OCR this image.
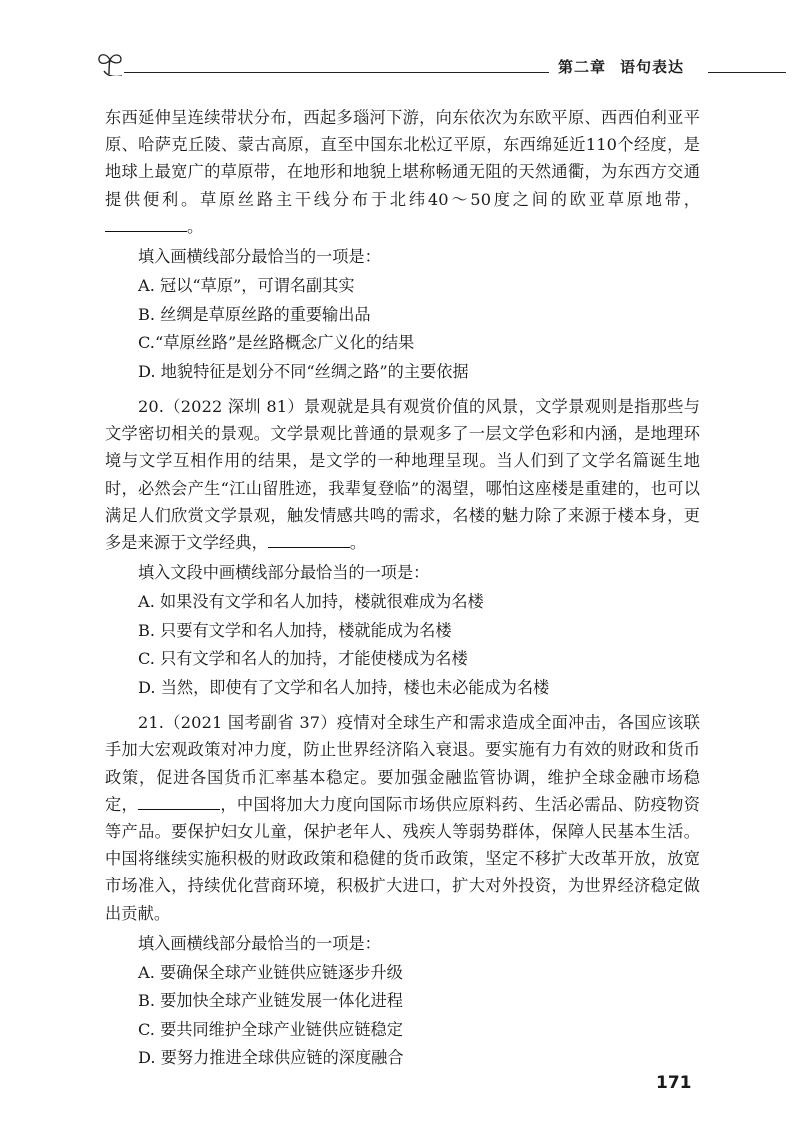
第二章 语句表达

东西延伸呈连续带状分布，西起多瑙河下游，向东依次为东欧平原、西西伯利亚平原、哈萨克丘陵、蒙古高原，直至中国东北松辽平原，东西绵延近110个经度，是地球上最宽广的草原带，在地形和地貌上堪称畅通无阻的天然通衢，为东西方交通提供便利。草原丝路主干线分布于北纬40～50度之间的欧亚草原地带，。

填入画横线部分最恰当的一项是：
A. 冠以“草原”，可谓名副其实
B. 丝绸是草原丝路的重要输出品
C.“草原丝路”是丝路概念广义化的结果
D. 地貌特征是划分不同“丝绸之路”的主要依据

20.（2022 深圳 81）景观就是具有观赏价值的风景，文学景观则是指那些与文学密切相关的景观。文学景观比普通的景观多了一层文学色彩和内涵，是地理环境与文学互相作用的结果，是文学的一种地理呈现。当人们到了文学名篇诞生地时，必然会产生“江山留胜迹，我辈复登临”的渴望，哪怕这座楼是重建的，也可以满足人们欣赏文学景观，触发情感共鸣的需求，名楼的魅力除了来源于楼本身，更多是来源于文学经典，	。

填入文段中画横线部分最恰当的一项是：
A. 如果没有文学和名人加持，楼就很难成为名楼
B. 只要有文学和名人加持，楼就能成为名楼
C. 只有文学和名人的加持，才能使楼成为名楼
D. 当然，即使有了文学和名人加持，楼也未必能成为名楼

21.（2021 国考副省 37）疫情对全球生产和需求造成全面冲击，各国应该联手加大宏观政策对冲力度，防止世界经济陷入衰退。要实施有力有效的财政和货币政策，促进各国货币汇率基本稳定。要加强金融监管协调，维护全球金融市场稳定，	，中国将加大力度向国际市场供应原料药、生活必需品、防疫物资等产品。要保护妇女儿童，保护老年人、残疾人等弱势群体，保障人民基本生活。中国将继续实施积极的财政政策和稳健的货币政策，坚定不移扩大改革开放，放宽市场准入，持续优化营商环境，积极扩大进口，扩大对外投资，为世界经济稳定做出贡献。

填入画横线部分最恰当的一项是：
A. 要确保全球产业链供应链逐步升级
B. 要加快全球产业链发展一体化进程
C. 要共同维护全球产业链供应链稳定
D. 要努力推进全球供应链的深度融合
171
